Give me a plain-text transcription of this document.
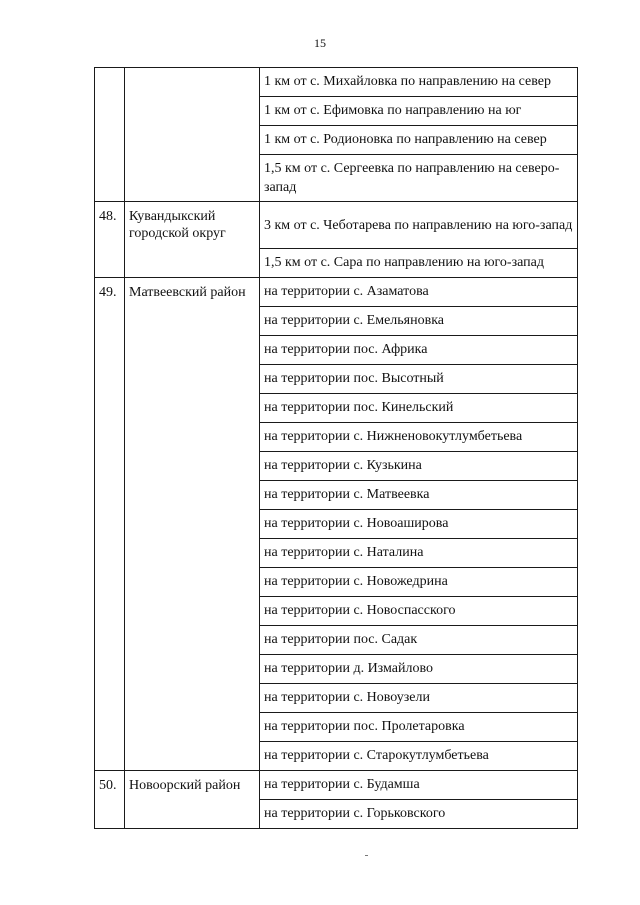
15
		1 км от с. Михайловка по направлению на север
		1 км от с. Ефимовка по направлению на юг
		1 км от с. Родионовка по направлению на север
		1,5 км от с. Сергеевка по направлению на северо-запад
48.	Кувандыкский городской округ	3 км от с. Чеботарева по направлению на юго-запад
		1,5 км от с. Сара по направлению на юго-запад
49.	Матвеевский район	на территории с. Азаматова
		на территории с. Емельяновка
		на территории пос. Африка
		на территории пос. Высотный
		на территории пос. Кинельский
		на территории с. Нижненовокутлумбетьева
		на территории с. Кузькина
		на территории с. Матвеевка
		на территории с. Новоаширова
		на территории с. Наталина
		на территории с. Новожедрина
		на территории с. Новоспасского
		на территории пос. Садак
		на территории д. Измайлово
		на территории с. Новоузели
		на территории пос. Пролетаровка
		на территории с. Старокутлумбетьева
50.	Новоорский район	на территории с. Будамша
		на территории с. Горьковского
